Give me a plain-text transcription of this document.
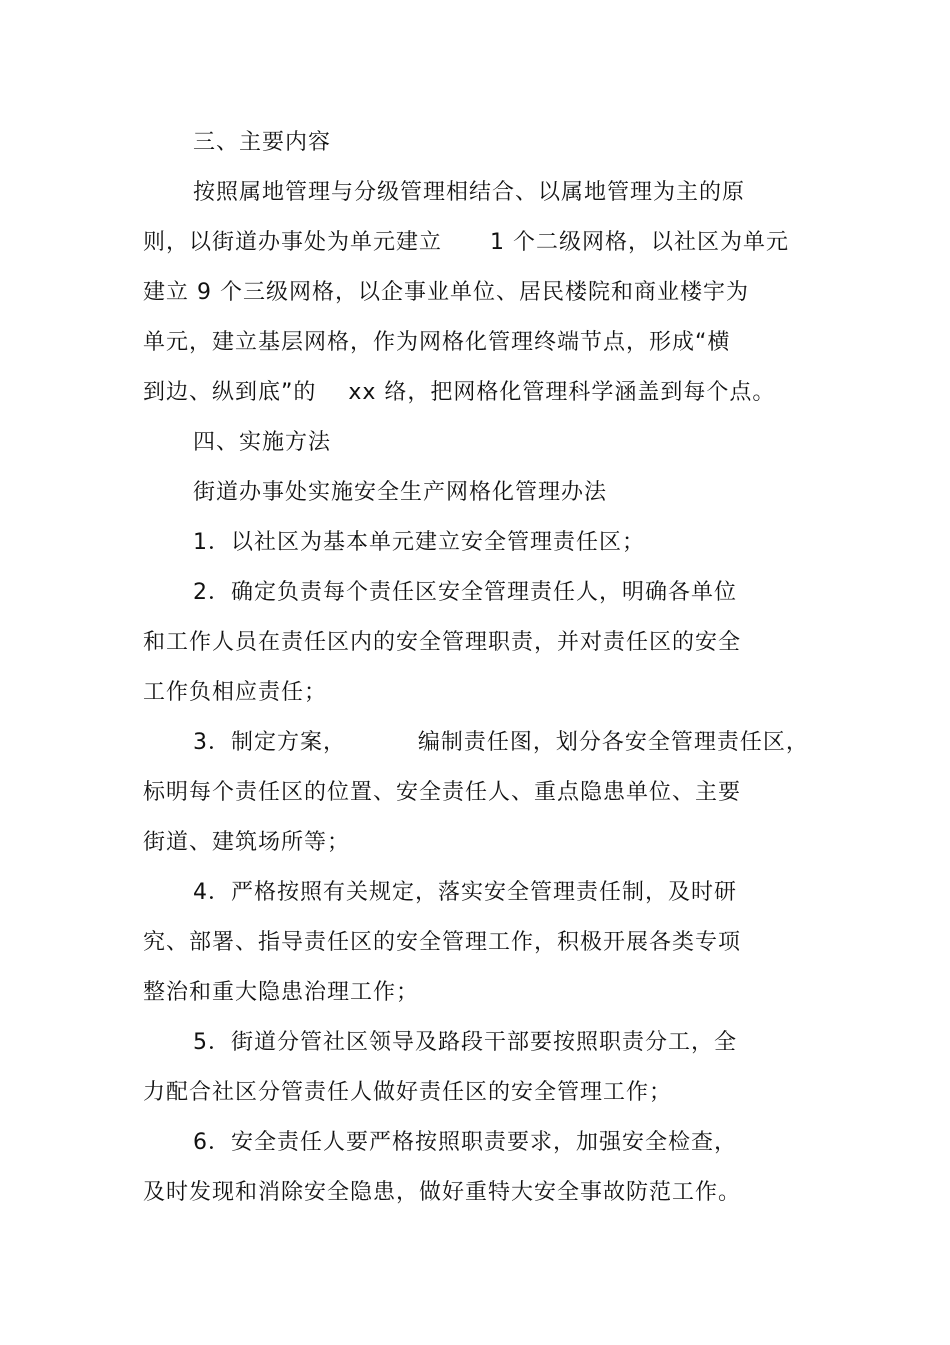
三、主要内容
按照属地管理与分级管理相结合、以属地管理为主的原
则，以街道办事处为单元建立      1 个二级网格，以社区为单元
建立 9 个三级网格，以企事业单位、居民楼院和商业楼宇为
单元，建立基层网格，作为网格化管理终端节点，形成“横
到边、纵到底”的    xx 络，把网格化管理科学涵盖到每个点。
四、实施方法
街道办事处实施安全生产网格化管理办法
1．以社区为基本单元建立安全管理责任区；
2．确定负责每个责任区安全管理责任人，明确各单位
和工作人员在责任区内的安全管理职责，并对责任区的安全
工作负相应责任；
3．制定方案，         编制责任图，划分各安全管理责任区，
标明每个责任区的位置、安全责任人、重点隐患单位、主要
街道、建筑场所等；
4．严格按照有关规定，落实安全管理责任制，及时研
究、部署、指导责任区的安全管理工作，积极开展各类专项
整治和重大隐患治理工作；
5．街道分管社区领导及路段干部要按照职责分工，全
力配合社区分管责任人做好责任区的安全管理工作；
6．安全责任人要严格按照职责要求，加强安全检查，
及时发现和消除安全隐患，做好重特大安全事故防范工作。
